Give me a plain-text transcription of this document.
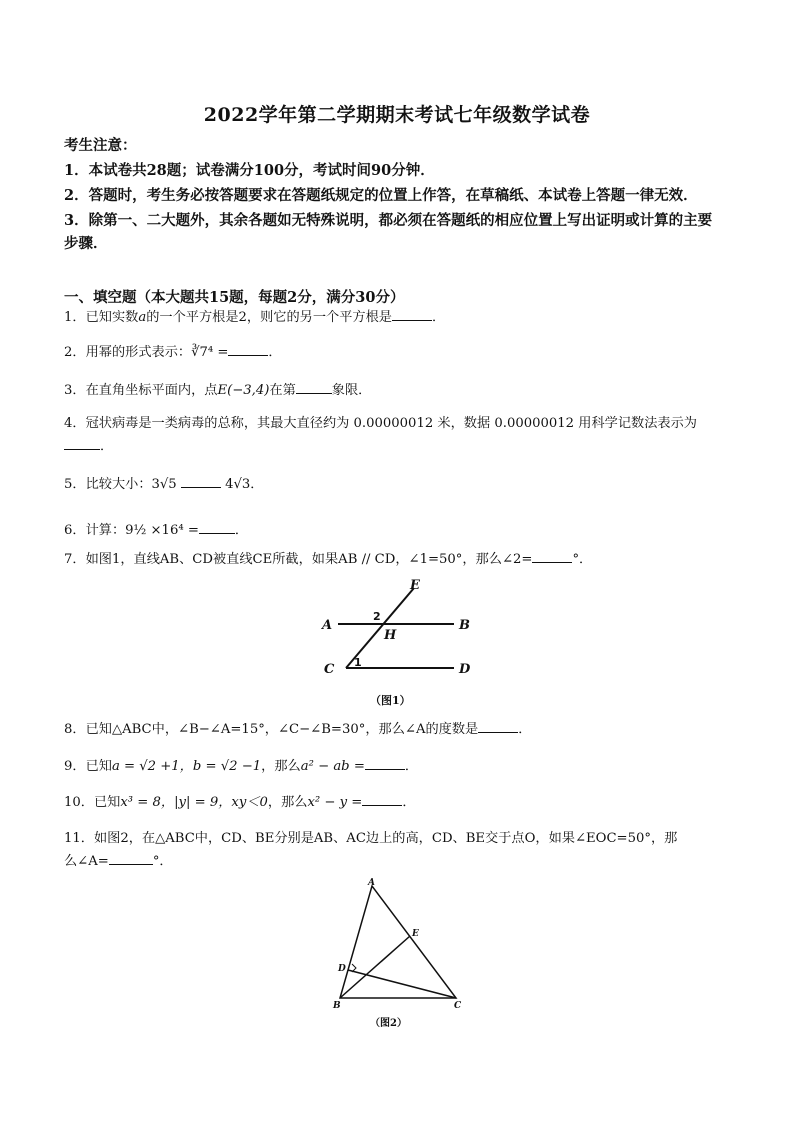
2022学年第二学期期末考试七年级数学试卷
考生注意：

1．本试卷共28题；试卷满分100分，考试时间90分钟．

2．答题时，考生务必按答题要求在答题纸规定的位置上作答，在草稿纸、本试卷上答题一律无效．

3．除第一、二大题外，其余各题如无特殊说明，都必须在答题纸的相应位置上写出证明或计算的主要步骤．

一、填空题（本大题共15题，每题2分，满分30分）
1．已知实数a的一个平方根是2，则它的另一个平方根是	．
2．用幂的形式表示：∛7⁴ =	．
3．在直角坐标平面内，点E(−3,4)在第	象限．
4．冠状病毒是一类病毒的总称，其最大直径约为 0.00000012 米，数据 0.00000012 用科学记数法表示为
．
5．比较大小：3√5	4√3．
6．计算：9½ ×16⁴ =	．
7．如图1，直线AB、CD被直线CE所截，如果AB // CD，∠1=50°，那么∠2=	°．
A	B
C	D
E
H
1
2
（图1）
8．已知△ABC中，∠B−∠A=15°，∠C−∠B=30°，那么∠A的度数是	．
9．已知a = √2 +1，b = √2 −1，那么a² − ab =	．
10．已知x³ = 8，|y| = 9，xy＜0，那么x² − y =	．
11．如图2，在△ABC中，CD、BE分别是AB、AC边上的高，CD、BE交于点O，如果∠EOC=50°，那
么∠A=	°．
A
B	C
D
E
（图2）
